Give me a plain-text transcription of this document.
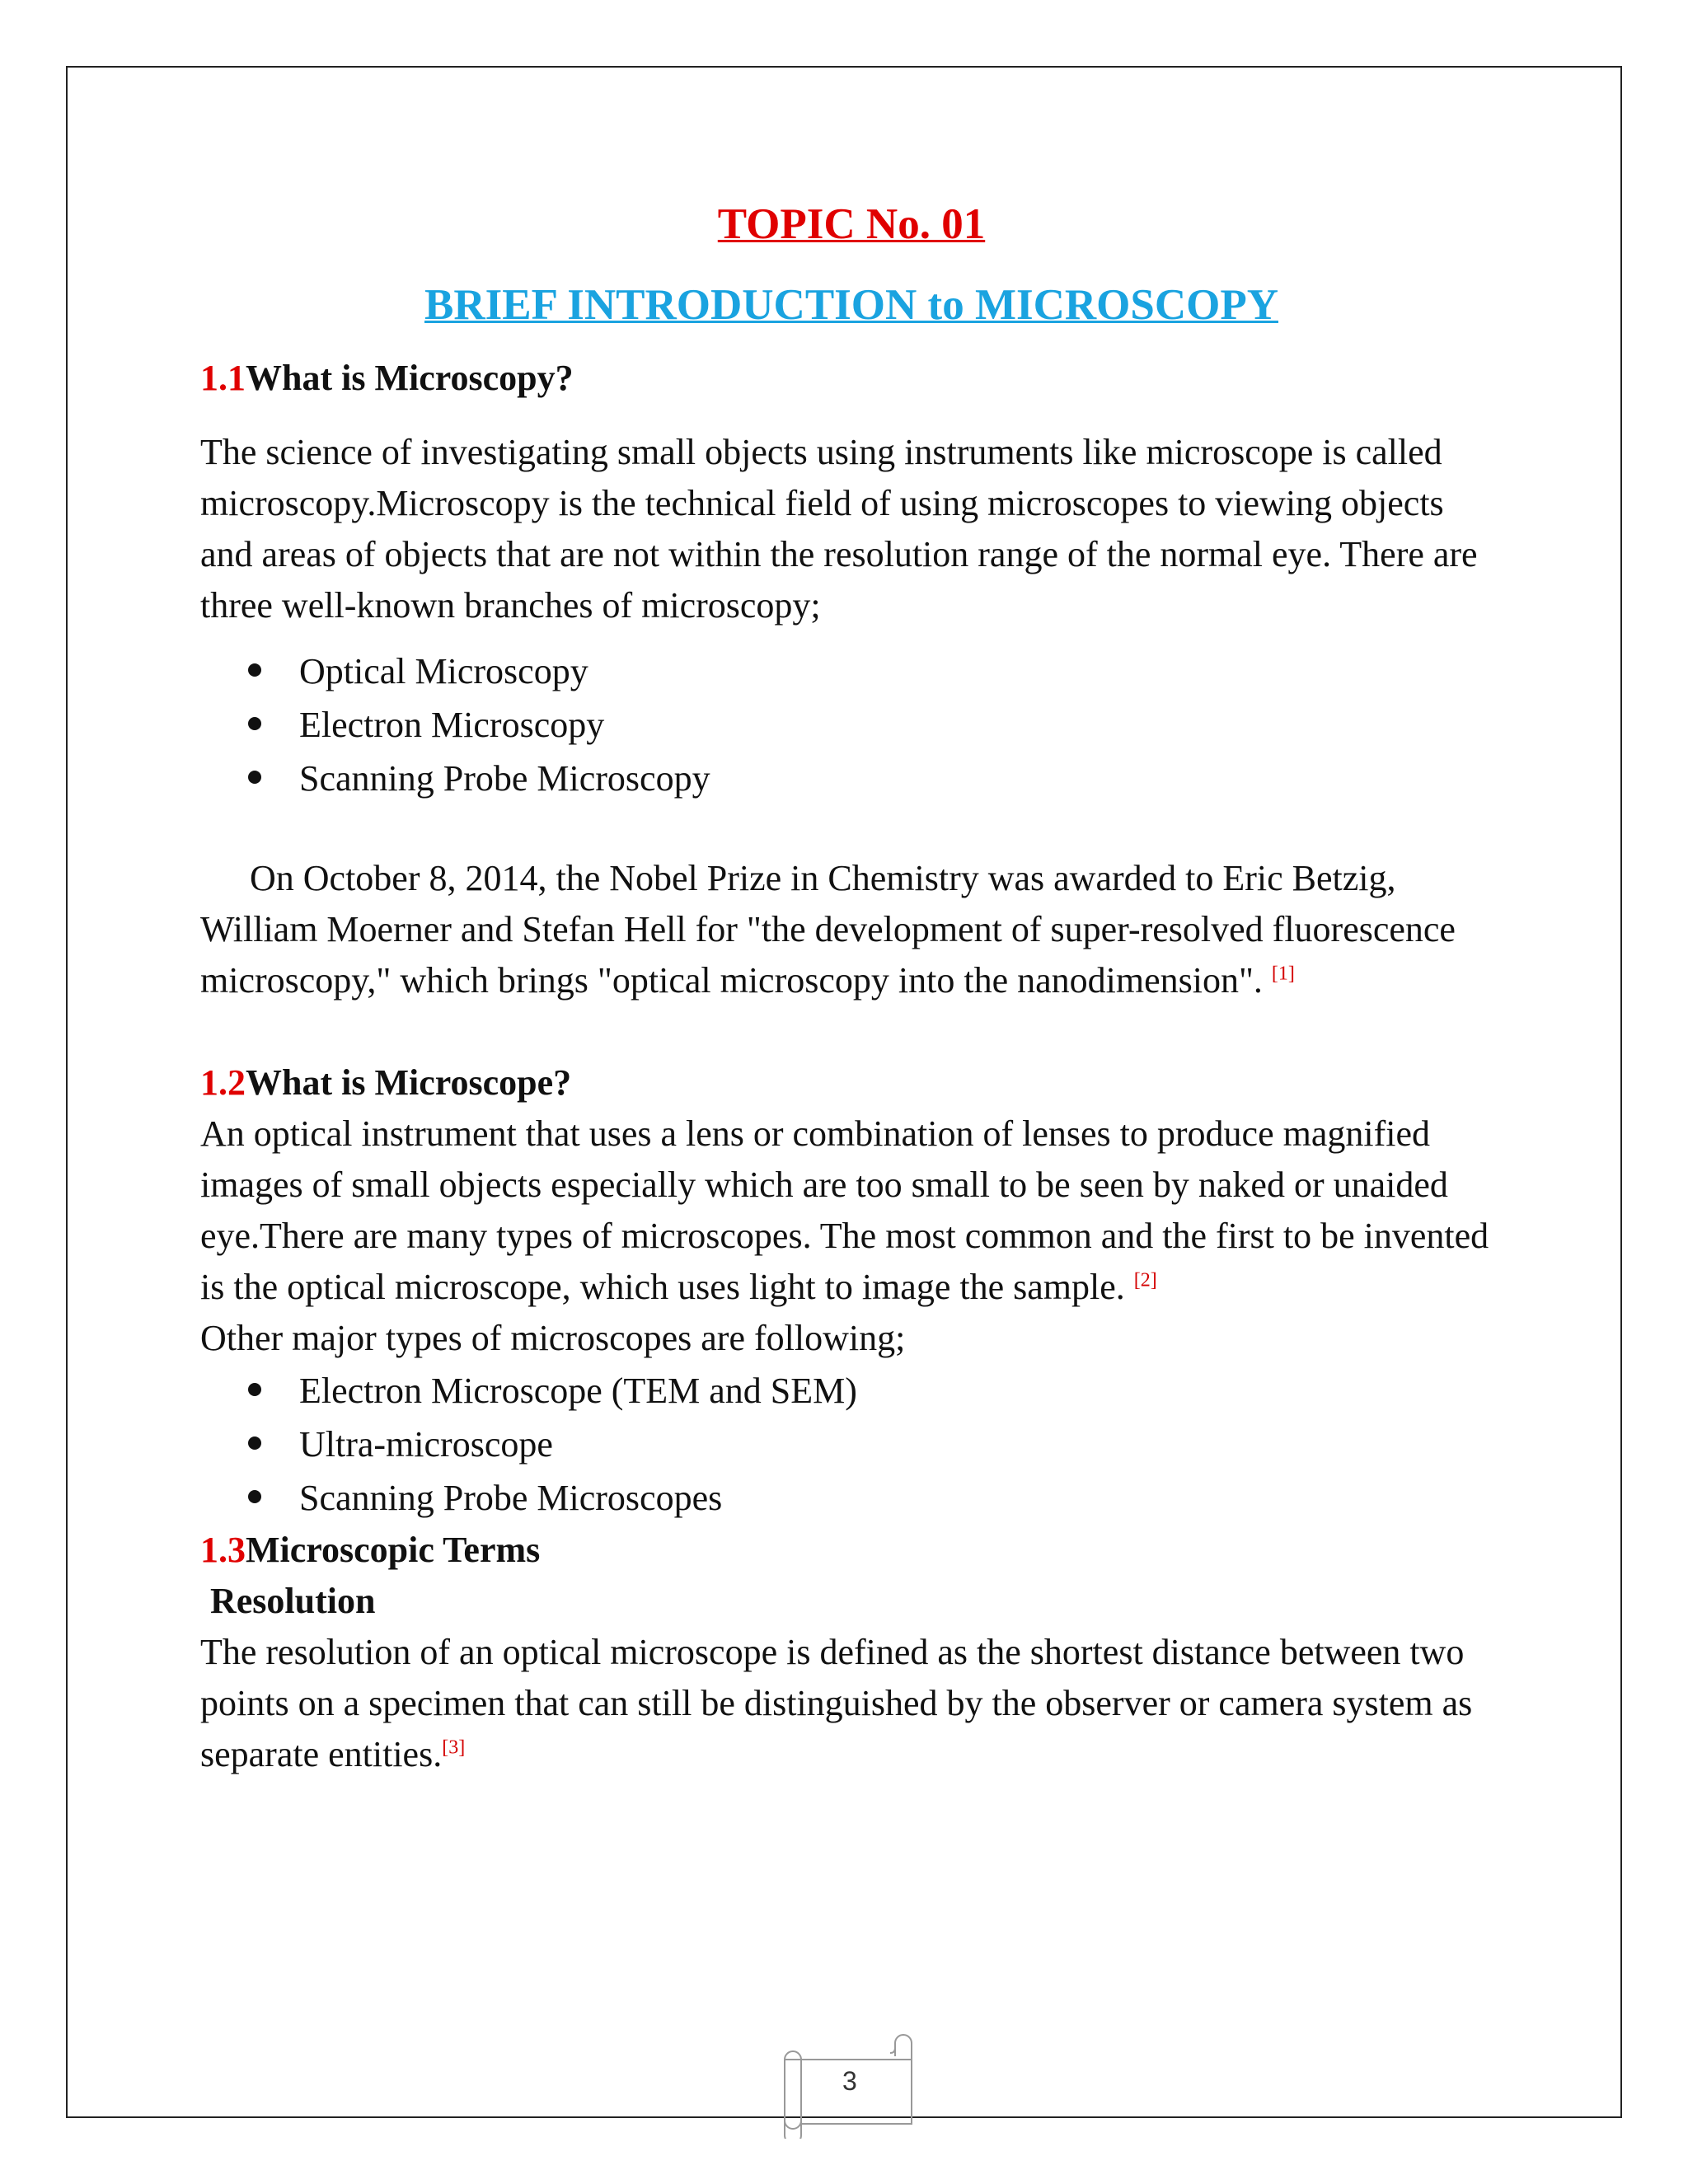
TOPIC No. 01
BRIEF INTRODUCTION to MICROSCOPY

1.1What is Microscopy?

The science of investigating small objects using instruments like microscope is called microscopy.Microscopy is the technical field of using microscopes to viewing objects and areas of objects that are not within the resolution range of the normal eye. There are three well-known branches of microscopy;

Optical Microscopy
Electron Microscopy
Scanning Probe Microscopy

On October 8, 2014, the Nobel Prize in Chemistry was awarded to Eric Betzig, William Moerner and Stefan Hell for "the development of super-resolved fluorescence microscopy," which brings "optical microscopy into the nanodimension". [1]

1.2What is Microscope?

An optical instrument that uses a lens or combination of lenses to produce magnified images of small objects especially which are too small to be seen by naked or unaided eye.There are many types of microscopes. The most common and the first to be invented is the optical microscope, which uses light to image the sample. [2]

Other major types of microscopes are following;

Electron Microscope (TEM and SEM)
Ultra-microscope
Scanning Probe Microscopes

1.3Microscopic Terms

Resolution

The resolution of an optical microscope is defined as the shortest distance between two points on a specimen that can still be distinguished by the observer or camera system as separate entities.[3]

3
